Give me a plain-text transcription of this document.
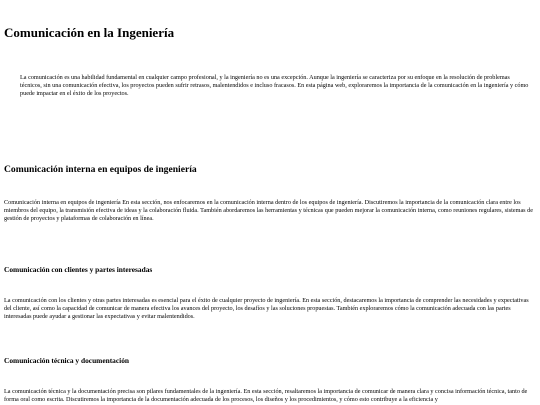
Comunicación en la Ingeniería

La comunicación es una habilidad fundamental en cualquier campo profesional, y la ingeniería no es una excepción. Aunque la ingeniería se caracteriza por su enfoque en la resolución de problemas técnicos, sin una comunicación efectiva, los proyectos pueden sufrir retrasos, malentendidos e incluso fracasos. En esta página web, exploraremos la importancia de la comunicación en la ingeniería y cómo puede impactar en el éxito de los proyectos.

Comunicación interna en equipos de ingeniería

Comunicación interna en equipos de ingeniería En esta sección, nos enfocaremos en la comunicación interna dentro de los equipos de ingeniería. Discutiremos la importancia de la comunicación clara entre los miembros del equipo, la transmisión efectiva de ideas y la colaboración fluida. También abordaremos las herramientas y técnicas que pueden mejorar la comunicación interna, como reuniones regulares, sistemas de gestión de proyectos y plataformas de colaboración en línea.

Comunicación con clientes y partes interesadas

La comunicación con los clientes y otras partes interesadas es esencial para el éxito de cualquier proyecto de ingeniería. En esta sección, destacaremos la importancia de comprender las necesidades y expectativas del cliente, así como la capacidad de comunicar de manera efectiva los avances del proyecto, los desafíos y las soluciones propuestas. También exploraremos cómo la comunicación adecuada con las partes interesadas puede ayudar a gestionar las expectativas y evitar malentendidos.

Comunicación técnica y documentación

La comunicación técnica y la documentación precisa son pilares fundamentales de la ingeniería. En esta sección, resaltaremos la importancia de comunicar de manera clara y concisa información técnica, tanto de forma oral como escrita. Discutiremos la importancia de la documentación adecuada de los procesos, los diseños y los procedimientos, y cómo esto contribuye a la eficiencia y
